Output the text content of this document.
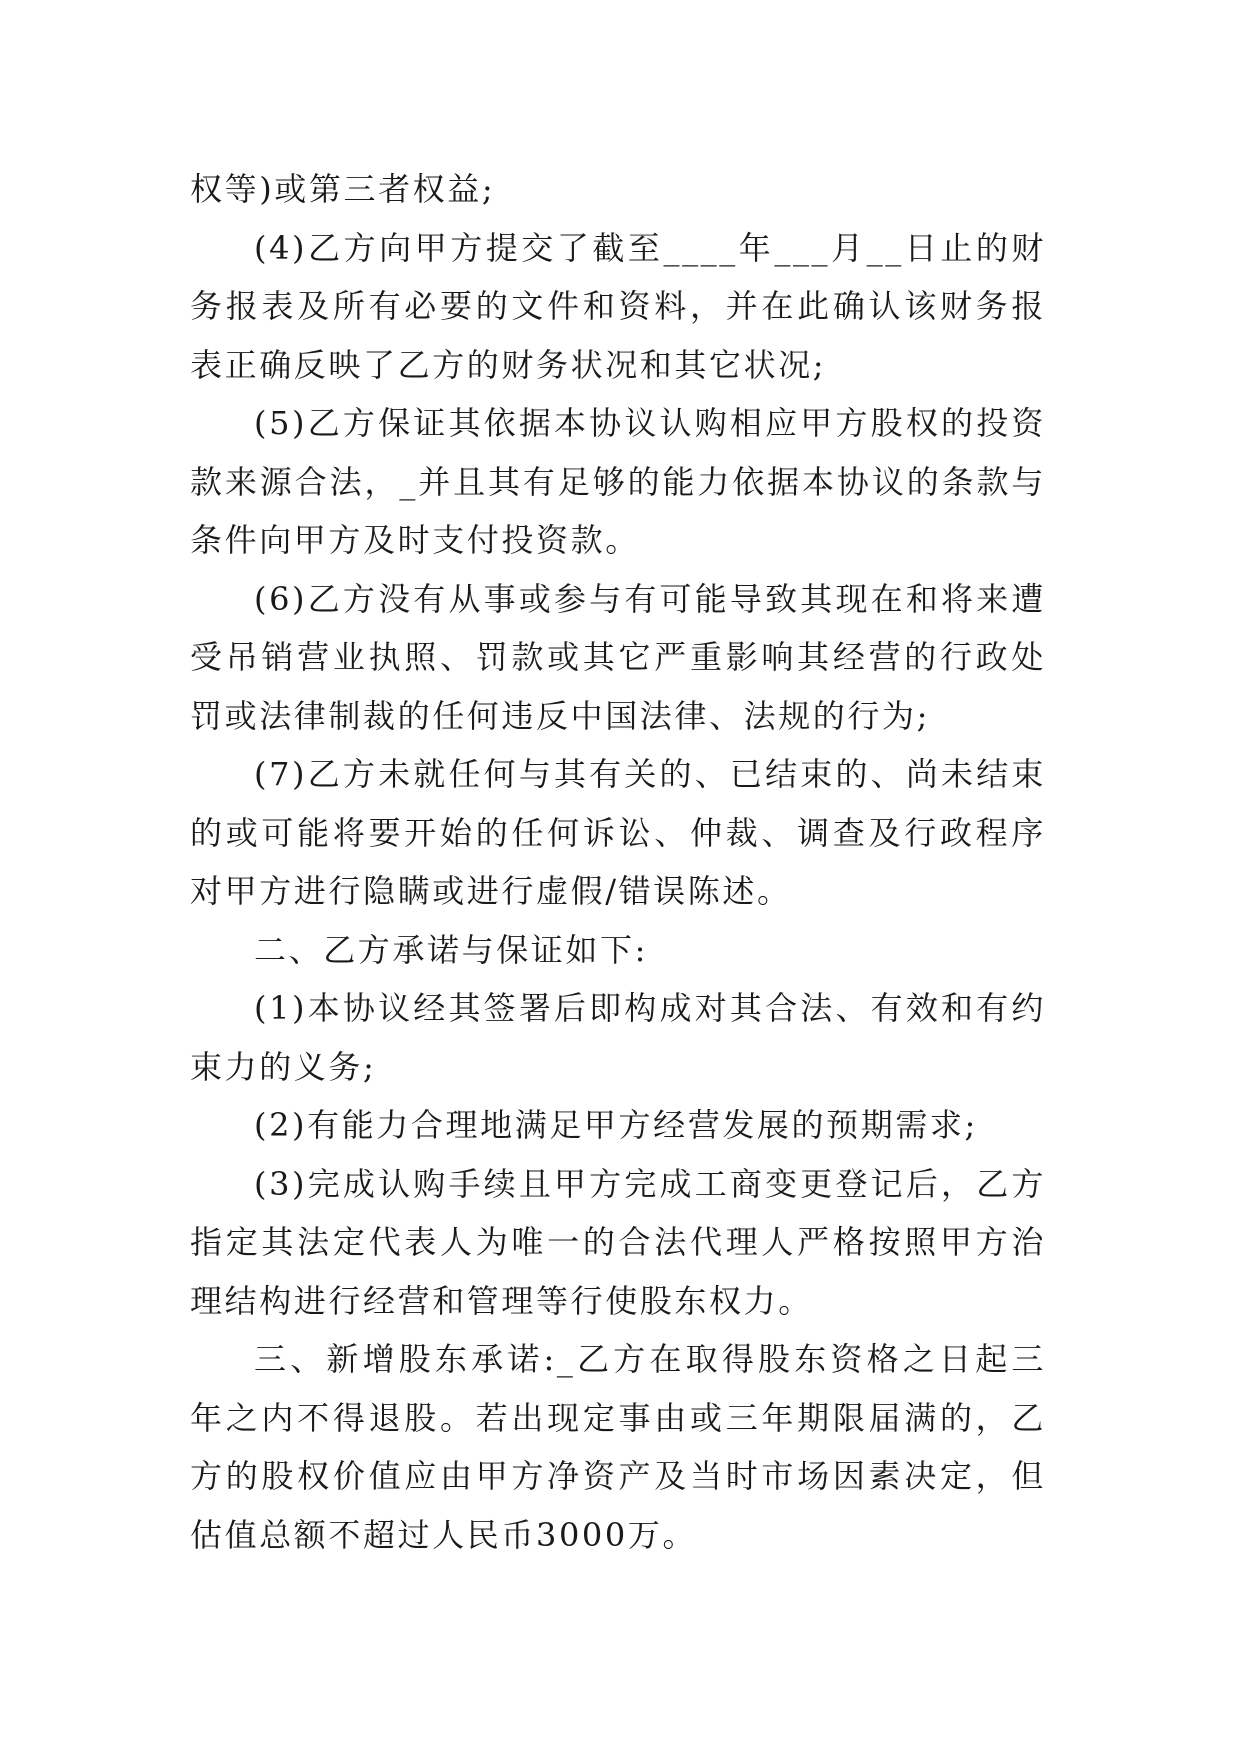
权等)或第三者权益;

(4)乙方向甲方提交了截至____年___月__日止的财务报表及所有必要的文件和资料，并在此确认该财务报表正确反映了乙方的财务状况和其它状况;

(5)乙方保证其依据本协议认购相应甲方股权的投资款来源合法，_并且其有足够的能力依据本协议的条款与条件向甲方及时支付投资款。

(6)乙方没有从事或参与有可能导致其现在和将来遭受吊销营业执照、罚款或其它严重影响其经营的行政处罚或法律制裁的任何违反中国法律、法规的行为;

(7)乙方未就任何与其有关的、已结束的、尚未结束的或可能将要开始的任何诉讼、仲裁、调查及行政程序对甲方进行隐瞒或进行虚假/错误陈述。

二、乙方承诺与保证如下:

(1)本协议经其签署后即构成对其合法、有效和有约束力的义务;

(2)有能力合理地满足甲方经营发展的预期需求;

(3)完成认购手续且甲方完成工商变更登记后，乙方指定其法定代表人为唯一的合法代理人严格按照甲方治理结构进行经营和管理等行使股东权力。

三、新增股东承诺:_乙方在取得股东资格之日起三年之内不得退股。若出现定事由或三年期限届满的，乙方的股权价值应由甲方净资产及当时市场因素决定，但估值总额不超过人民币3000万。
